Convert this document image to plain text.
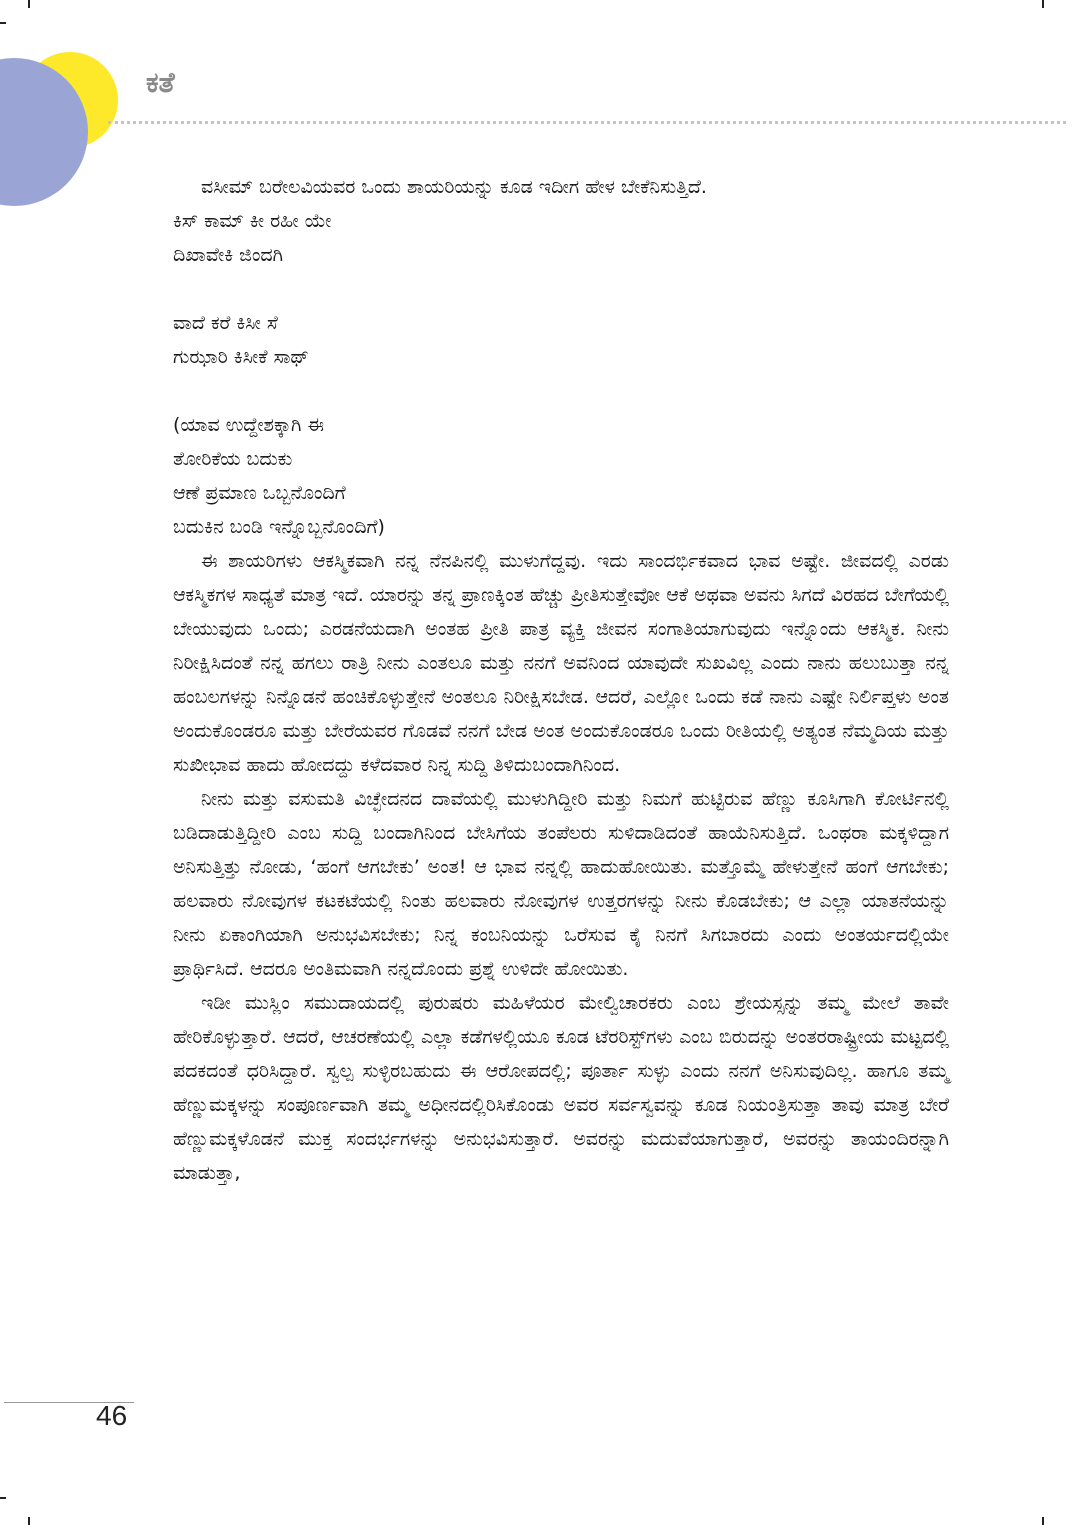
ಕತೆ

ವಸೀಮ್ ಬರೇಲವಿಯವರ ಒಂದು ಶಾಯರಿಯನ್ನು ಕೂಡ ಇದೀಗ ಹೇಳ ಬೇಕೆನಿಸುತ್ತಿದೆ.

ಕಿಸ್ ಕಾಮ್ ಕೀ ರಹೀ ಯೇ
ದಿಖಾವೇಕಿ ಜಿಂದಗಿ
ವಾದೆ ಕರೆ ಕಿಸೀ ಸೆ
ಗುಝಾರಿ ಕಿಸೀಕೆ ಸಾಥ್
(ಯಾವ ಉದ್ದೇಶಕ್ಕಾಗಿ ಈ
ತೋರಿಕೆಯ ಬದುಕು
ಆಣೆ ಪ್ರಮಾಣ ಒಬ್ಬನೊಂದಿಗೆ
ಬದುಕಿನ ಬಂಡಿ ಇನ್ನೊಬ್ಬನೊಂದಿಗೆ)

ಈ ಶಾಯರಿಗಳು ಆಕಸ್ಮಿಕವಾಗಿ ನನ್ನ ನೆನಪಿನಲ್ಲಿ ಮುಳುಗೆದ್ದವು. ಇದು ಸಾಂದರ್ಭಿಕವಾದ ಭಾವ ಅಷ್ಟೇ. ಜೀವದಲ್ಲಿ ಎರಡು ಆಕಸ್ಮಿಕಗಳ ಸಾಧ್ಯತೆ ಮಾತ್ರ ಇದೆ. ಯಾರನ್ನು ತನ್ನ ಪ್ರಾಣಕ್ಕಿಂತ ಹೆಚ್ಚು ಪ್ರೀತಿಸುತ್ತೇವೋ ಆಕೆ ಅಥವಾ ಅವನು ಸಿಗದೆ ವಿರಹದ ಬೇಗೆಯಲ್ಲಿ ಬೇಯುವುದು ಒಂದು; ಎರಡನೆಯದಾಗಿ ಅಂತಹ ಪ್ರೀತಿ ಪಾತ್ರ ವ್ಯಕ್ತಿ ಜೀವನ ಸಂಗಾತಿಯಾಗುವುದು ಇನ್ನೊಂದು ಆಕಸ್ಮಿಕ. ನೀನು ನಿರೀಕ್ಷಿಸಿದಂತೆ ನನ್ನ ಹಗಲು ರಾತ್ರಿ ನೀನು ಎಂತಲೂ ಮತ್ತು ನನಗೆ ಅವನಿಂದ ಯಾವುದೇ ಸುಖವಿಲ್ಲ ಎಂದು ನಾನು ಹಲುಬುತ್ತಾ ನನ್ನ ಹಂಬಲಗಳನ್ನು ನಿನ್ನೊಡನೆ ಹಂಚಿಕೊಳ್ಳುತ್ತೇನೆ ಅಂತಲೂ ನಿರೀಕ್ಷಿಸಬೇಡ. ಆದರೆ, ಎಲ್ಲೋ ಒಂದು ಕಡೆ ನಾನು ಎಷ್ಟೇ ನಿರ್ಲಿಪ್ತಳು ಅಂತ ಅಂದುಕೊಂಡರೂ ಮತ್ತು ಬೇರೆಯವರ ಗೊಡವೆ ನನಗೆ ಬೇಡ ಅಂತ ಅಂದುಕೊಂಡರೂ ಒಂದು ರೀತಿಯಲ್ಲಿ ಅತ್ಯಂತ ನೆಮ್ಮದಿಯ ಮತ್ತು ಸುಖೀಭಾವ ಹಾದು ಹೋದದ್ದು ಕಳೆದವಾರ ನಿನ್ನ ಸುದ್ದಿ ತಿಳಿದುಬಂದಾಗಿನಿಂದ.

ನೀನು ಮತ್ತು ವಸುಮತಿ ವಿಚ್ಛೇದನದ ದಾವೆಯಲ್ಲಿ ಮುಳುಗಿದ್ದೀರಿ ಮತ್ತು ನಿಮಗೆ ಹುಟ್ಟಿರುವ ಹೆಣ್ಣು ಕೂಸಿಗಾಗಿ ಕೋರ್ಟಿನಲ್ಲಿ ಬಡಿದಾಡುತ್ತಿದ್ದೀರಿ ಎಂಬ ಸುದ್ದಿ ಬಂದಾಗಿನಿಂದ ಬೇಸಿಗೆಯ ತಂಪೆಲರು ಸುಳಿದಾಡಿದಂತೆ ಹಾಯೆನಿಸುತ್ತಿದೆ. ಒಂಥರಾ ಮಕ್ಕಳಿದ್ದಾಗ ಅನಿಸುತ್ತಿತ್ತು ನೋಡು, ‘ಹಂಗೆ ಆಗಬೇಕು’ ಅಂತ! ಆ ಭಾವ ನನ್ನಲ್ಲಿ ಹಾದುಹೋಯಿತು. ಮತ್ತೊಮ್ಮೆ ಹೇಳುತ್ತೇನೆ ಹಂಗೆ ಆಗಬೇಕು; ಹಲವಾರು ನೋವುಗಳ ಕಟಕಟೆಯಲ್ಲಿ ನಿಂತು ಹಲವಾರು ನೋವುಗಳ ಉತ್ತರಗಳನ್ನು ನೀನು ಕೊಡಬೇಕು; ಆ ಎಲ್ಲಾ ಯಾತನೆಯನ್ನು ನೀನು ಏಕಾಂಗಿಯಾಗಿ ಅನುಭವಿಸಬೇಕು; ನಿನ್ನ ಕಂಬನಿಯನ್ನು ಒರೆಸುವ ಕೈ ನಿನಗೆ ಸಿಗಬಾರದು ಎಂದು ಅಂತರ್ಯದಲ್ಲಿಯೇ ಪ್ರಾರ್ಥಿಸಿದೆ. ಆದರೂ ಅಂತಿಮವಾಗಿ ನನ್ನದೊಂದು ಪ್ರಶ್ನೆ ಉಳಿದೇ ಹೋಯಿತು.

ಇಡೀ ಮುಸ್ಲಿಂ ಸಮುದಾಯದಲ್ಲಿ ಪುರುಷರು ಮಹಿಳೆಯರ ಮೇಲ್ವಿಚಾರಕರು ಎಂಬ ಶ್ರೇಯಸ್ಸನ್ನು ತಮ್ಮ ಮೇಲೆ ತಾವೇ ಹೇರಿಕೊಳ್ಳುತ್ತಾರೆ. ಆದರೆ, ಆಚರಣೆಯಲ್ಲಿ ಎಲ್ಲಾ ಕಡೆಗಳಲ್ಲಿಯೂ ಕೂಡ ಟೆರರಿಸ್ಟ್‌ಗಳು ಎಂಬ ಬಿರುದನ್ನು ಅಂತರರಾಷ್ಟ್ರೀಯ ಮಟ್ಟದಲ್ಲಿ ಪದಕದಂತೆ ಧರಿಸಿದ್ದಾರೆ. ಸ್ವಲ್ಪ ಸುಳ್ಳಿರಬಹುದು ಈ ಆರೋಪದಲ್ಲಿ; ಪೂರ್ತಾ ಸುಳ್ಳು ಎಂದು ನನಗೆ ಅನಿಸುವುದಿಲ್ಲ. ಹಾಗೂ ತಮ್ಮ ಹೆಣ್ಣುಮಕ್ಕಳನ್ನು ಸಂಪೂರ್ಣವಾಗಿ ತಮ್ಮ ಅಧೀನದಲ್ಲಿರಿಸಿಕೊಂಡು ಅವರ ಸರ್ವಸ್ವವನ್ನು ಕೂಡ ನಿಯಂತ್ರಿಸುತ್ತಾ ತಾವು ಮಾತ್ರ ಬೇರೆ ಹೆಣ್ಣುಮಕ್ಕಳೊಡನೆ ಮುಕ್ತ ಸಂದರ್ಭಗಳನ್ನು ಅನುಭವಿಸುತ್ತಾರೆ. ಅವರನ್ನು ಮದುವೆಯಾಗುತ್ತಾರೆ, ಅವರನ್ನು ತಾಯಂದಿರನ್ನಾಗಿ ಮಾಡುತ್ತಾ,

46
